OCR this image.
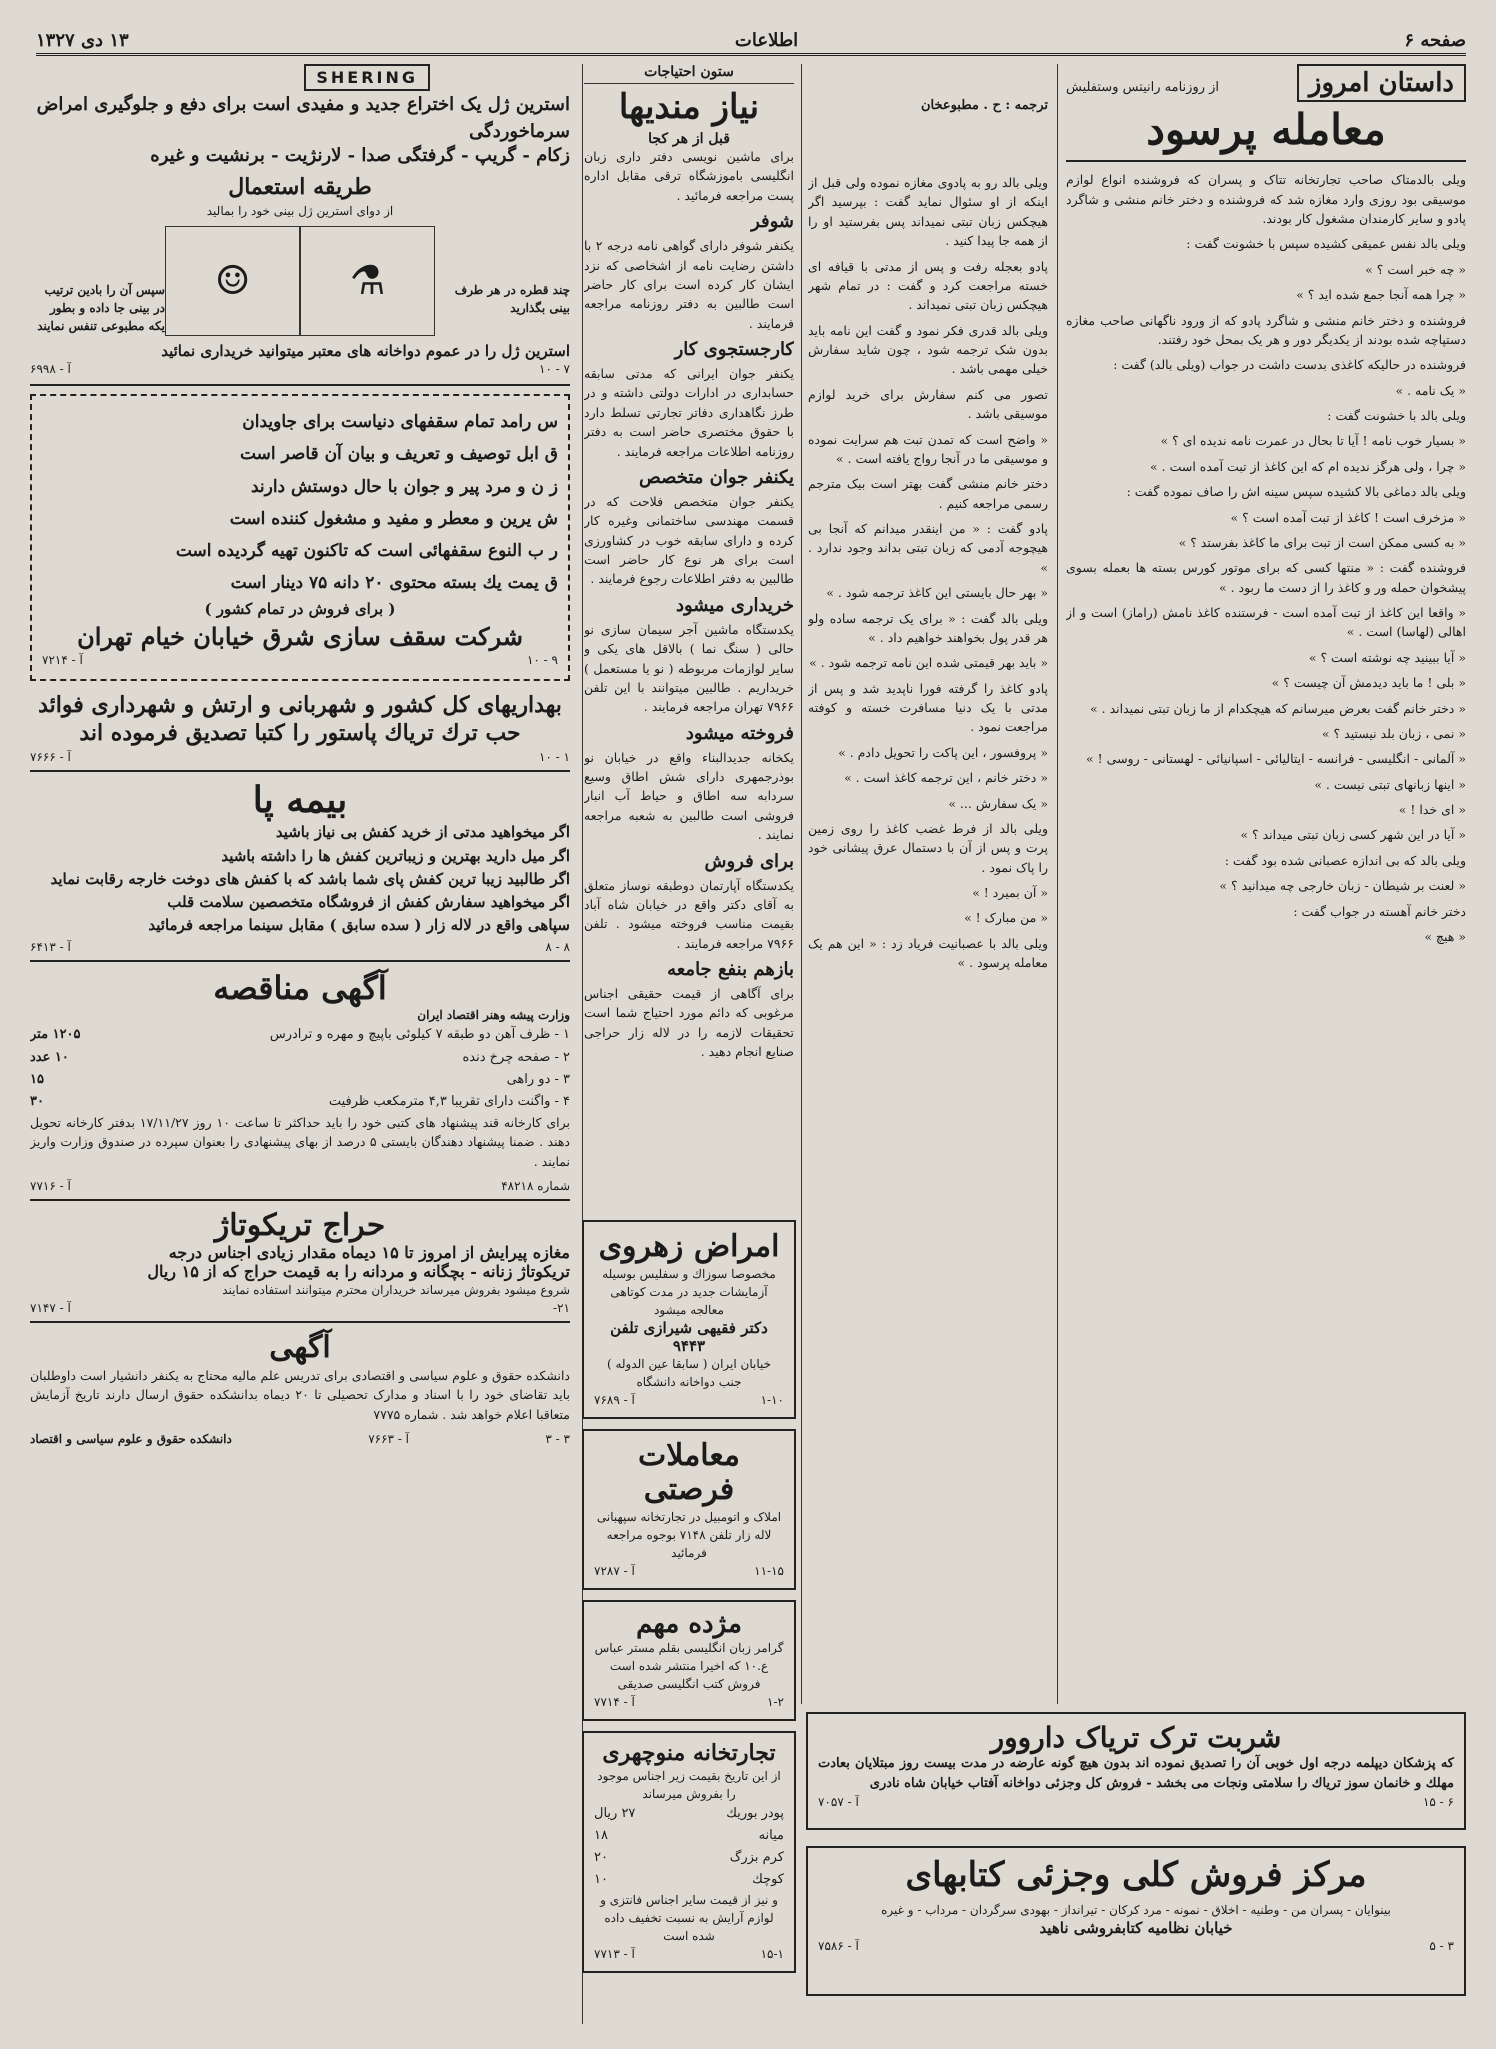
صفحه ۶
اطلاعات
۱۳ دی ۱۳۲۷
داستان امروز
از روزنامه رانیتس وستفلیش
معامله پرسود

ویلی بالدمتاک صاحب تجارتخانه تتاک و پسران که فروشنده انواع لوازم موسیقی بود روزی وارد مغازه شد که فروشنده و دختر خانم منشی و شاگرد پادو و سایر کارمندان مشغول کار بودند.

ویلی بالد نفس عمیقی کشیده سپس با خشونت گفت :

« چه خبر است ؟ »

« چرا همه آنجا جمع شده اید ؟ »

فروشنده و دختر خانم منشی و شاگرد پادو که از ورود ناگهانی صاحب مغازه دستپاچه شده بودند از یکدیگر دور و هر یک بمحل خود رفتند.

فروشنده در حالیکه کاغذی بدست داشت در جواب (ویلی بالد) گفت :

« یک نامه . »

ویلی بالد با خشونت گفت :

« بسیار خوب نامه ! آیا تا بحال در عمرت نامه ندیده ای ؟ »

« چرا ، ولی هرگز ندیده ام که این کاغذ از تبت آمده است . »

ویلی بالد دماغی بالا کشیده سپس سینه اش را صاف نموده گفت :

« مزخرف است ! کاغذ از تبت آمده است ؟ »

« به کسی ممکن است از تبت برای ما کاغذ بفرستد ؟ »

فروشنده گفت : « منتها کسی که برای موتور کورس بسته ها بعمله بسوی پیشخوان حمله ور و کاغذ را از دست ما ربود . »

« واقعا این کاغذ از تبت آمده است - فرستنده کاغذ نامش (راماز) است و از اهالی (لهاسا) است . »

« آیا ببینید چه نوشته است ؟ »

« بلی ! ما باید دیدمش آن چیست ؟ »

« دختر خانم گفت بعرض میرسانم که هیچکدام از ما زبان تبتی نمیداند . »

« نمی ، زبان بلد نیستید ؟ »

« آلمانی - انگلیسی - فرانسه - ایتالیائی - اسپانیائی - لهستانی - روسی ! »

« اینها زبانهای تبتی نیست . »

« ای خدا ! »

« آیا در این شهر کسی زبان تبتی میداند ؟ »

ویلی بالد که بی اندازه عصبانی شده بود گفت :

« لعنت بر شیطان - زبان خارجی چه میدانید ؟ »

دختر خانم آهسته در جواب گفت :

« هیچ »

ترجمه : ح . مطبوعخان

ویلی بالد رو به پادوی مغازه نموده ولی قبل از اینکه از او سئوال نماید گفت : بپرسید اگر هیچکس زبان تبتی نمیداند پس بفرستید او را از همه جا پیدا کنید .

پادو بعجله رفت و پس از مدتی با قیافه ای خسته مراجعت کرد و گفت : در تمام شهر هیچکس زبان تبتی نمیداند .

ویلی بالد قدری فکر نمود و گفت این نامه باید بدون شک ترجمه شود ، چون شاید سفارش خیلی مهمی باشد .

تصور می کنم سفارش برای خرید لوازم موسیقی باشد .

« واضح است که تمدن تبت هم سرایت نموده و موسیقی ما در آنجا رواج یافته است . »

دختر خانم منشی گفت بهتر است بیک مترجم رسمی مراجعه کنیم .

پادو گفت : « من اینقدر میدانم که آنجا بی هیچوجه آدمی که زبان تبتی بداند وجود ندارد . »

« بهر حال بایستی این کاغذ ترجمه شود . »

ویلی بالد گفت : « برای یک ترجمه ساده ولو هر قدر پول بخواهند خواهیم داد . »

« باید بهر قیمتی شده این نامه ترجمه شود . »

پادو کاغذ را گرفته فورا ناپدید شد و پس از مدتی با یک دنیا مسافرت خسته و کوفته مراجعت نمود .

« پروفسور ، این پاکت را تحویل دادم . »

« دختر خانم ، این ترجمه کاغذ است . »

« یک سفارش ... »

ویلی بالد از فرط غضب کاغذ را روی زمین پرت و پس از آن با دستمال عرق پیشانی خود را پاک نمود .

« آن بمیرد ! »

« من مبارک ! »

ویلی بالد با عصبانیت فریاد زد : « این هم یک معامله پرسود . »

ستون احتیاجات
نیاز مندیها
قبل از هر کجا
برای ماشین نویسی دفتر داری زبان انگلیسی باموزشگاه ترقی مقابل اداره پست مراجعه فرمائید .
شوفر
یکنفر شوفر دارای گواهی نامه درجه ۲ با داشتن رضایت نامه از اشخاصی که نزد ایشان کار کرده است برای کار حاضر است طالبین به دفتر روزنامه مراجعه فرمایند .
کارجستجوی کار
یکنفر جوان ایرانی که مدتی سابقه حسابداری در ادارات دولتی داشته و در طرز نگاهداری دفاتر تجارتی تسلط دارد با حقوق مختصری حاضر است به دفتر روزنامه اطلاعات مراجعه فرمایند .
یکنفر جوان متخصص
یکنفر جوان متخصص فلاحت که در قسمت مهندسی ساختمانی وغیره کار کرده و دارای سابقه خوب در کشاورزی است برای هر نوع کار حاضر است طالبین به دفتر اطلاعات رجوع فرمایند .
خریداری میشود
یکدستگاه ماشین آجر سیمان سازی نو حالی ( سنگ نما ) بالاقل های یکی و سایر لوازمات مربوطه ( نو یا مستعمل ) خریداریم . طالبین میتوانند با این تلفن ۷۹۶۶ تهران مراجعه فرمایند .
فروخته میشود
یکخانه جدیدالبناء واقع در خیابان نو بوذرجمهری دارای شش اطاق وسیع سردابه سه اطاق و حیاط آب انبار فروشی است طالبین به شعبه مراجعه نمایند .
برای فروش
یکدستگاه آپارتمان دوطبقه نوساز متعلق به آقای دکتر واقع در خیابان شاه آباد بقیمت مناسب فروخته میشود . تلفن ۷۹۶۶ مراجعه فرمایند .
بازهم بنفع جامعه
برای آگاهی از قیمت حقیقی اجناس مرغوبی که دائم مورد احتیاج شما است تحقیقات لازمه را در لاله زار حراجی صنایع انجام دهید .
شربت ترک تریاک داروور
که پزشکان دیپلمه درجه اول خوبی آن را تصدیق نموده اند بدون هیچ گونه عارضه در مدت بیست روز مبتلایان بعادت مهلك و خانمان سوز تریاك را سلامتی ونجات می بخشد - فروش کل وجزئی دواخانه آفتاب خیابان شاه نادری
۶ - ۱۵
آ - ۷۰۵۷
مرکز فروش کلی وجزئی کتابهای
بینوایان - پسران من - وطنیه - اخلاق - نمونه - مرد کرکان - تیرانداز - بهودی سرگردان - مرداب - و غیره
خیابان نظامیه کتابفروشی ناهید
۳ - ۵
آ - ۷۵۸۶
امراض زهروی
مخصوصا سوزاك و سفلیس بوسیله آزمایشات جدید در مدت کوتاهی معالجه میشود
دکتر فقیهی شیرازی تلفن ۹۴۴۳
خیابان ایران ( سابقا عین الدوله ) جنب دواخانه دانشگاه
۱-۱۰
آ - ۷۶۸۹
معاملات فرصتی
املاک و اتومبیل در تجارتخانه سپهبانی لاله زار تلفن ۷۱۴۸ بوجوه مراجعه فرمائید
۱۱-۱۵
آ - ۷۲۸۷
مژده مهم
گرامر زبان انگلیسی بقلم مستر عباس ع.۱۰ که اخیرا منتشر شده است فروش کتب انگلیسی صدیقی
۱-۲
آ - ۷۷۱۴
تجارتخانه منوچهری
از این تاریخ بقیمت زیر اجناس موجود را بفروش میرساند
پودر بوریك
۲۷ ریال
میانه
۱۸
کرم بزرگ
۲۰
کوچك
۱۰
و نیز از قیمت سایر اجناس فانتزی و لوازم آرایش به نسبت تخفیف داده شده است
۱۵-۱
آ - ۷۷۱۳
SHERING
استرین ژل یک اختراع جدید و مفیدی است برای دفع و جلوگیری امراض سرماخوردگی
زکام - گریپ - گرفتگی صدا - لارنژیت - برنشیت و غیره
طریقه استعمال
از دوای استرین ژل بینی خود را بمالید
چند قطره در هر طرف بینی بگذارید
⚗
☺
سپس آن را بادین ترتیب در بینی جا داده و بطور یکه مطبوعی تنفس نمایند
استرین ژل را در عموم دواخانه های معتبر میتوانید خریداری نمائید
۷ - ۱۰
آ - ۶۹۹۸
س رامد تمام سقفهای دنیاست برای جاویدان
ق ابل توصیف و تعریف و بیان آن قاصر است
ز ن و مرد پیر و جوان با حال دوستش دارند
ش یرین و معطر و مفید و مشغول کننده است
ر ب النوع سقفهائی است که تاکنون تهیه گردیده است
ق یمت یك بسته محتوی ۲۰ دانه ۷۵ دینار است
( برای فروش در تمام کشور )
شرکت سقف سازی شرق خیابان خیام تهران
۹ - ۱۰
آ - ۷۲۱۴
بهداریهای کل کشور و شهربانی و ارتش و شهرداری فوائد حب ترك تریاك پاستور را کتبا تصدیق فرموده اند
۱ - ۱۰
آ - ۷۶۶۶
بیمه پا
اگر میخواهید مدتی از خرید کفش بی نیاز باشید
اگر میل دارید بهترین و زیباترین کفش ها را داشته باشید
اگر طالبید زیبا ترین کفش پای شما باشد که با کفش های دوخت خارجه رقابت نماید
اگر میخواهید سفارش کفش از فروشگاه متخصصین سلامت قلب
سپاهی واقع در لاله زار ( سده سابق ) مقابل سینما مراجعه فرمائید
۸ - ۸
آ - ۶۴۱۳
آگهی مناقصه
وزارت پیشه وهنر اقتصاد ایران
۱ - ظرف آهن دو طبقه ۷ کیلوئی باپیچ و مهره و ترادرس
۱۲۰۵ متر
۲ - صفحه چرخ دنده
۱۰ عدد
۳ - دو راهی
۱۵
۴ - واگنت دارای تقریبا ۴,۳ مترمکعب ظرفیت
۳۰
برای کارخانه قند پیشنهاد های کتبی خود را باید حداکثر تا ساعت ۱۰ روز ۱۷/۱۱/۲۷ بدفتر کارخانه تحویل دهند . ضمنا پیشنهاد دهندگان بایستی ۵ درصد از بهای پیشنهادی را بعنوان سپرده در صندوق وزارت واریز نمایند .
شماره ۴۸۲۱۸
آ - ۷۷۱۶
حراج تریکوتاژ
مغازه پیرایش از امروز تا ۱۵ دیماه مقدار زیادی اجناس درجه
تریکوتاژ زنانه - بچگانه و مردانه را به قیمت حراج که از ۱۵ ریال
شروع میشود بفروش میرساند خریداران محترم میتوانند استفاده نمایند
۲۱-
آ - ۷۱۴۷
آگهی
دانشکده حقوق و علوم سیاسی و اقتصادی برای تدریس علم مالیه محتاج به یکنفر دانشیار است داوطلبان باید تقاضای خود را با اسناد و مدارک تحصیلی تا ۲۰ دیماه بدانشکده حقوق ارسال دارند تاریخ آزمایش متعاقبا اعلام خواهد شد . شماره ۷۷۷۵
۳ - ۳
آ - ۷۶۶۳
دانشکده حقوق و علوم سیاسی و اقتصاد
